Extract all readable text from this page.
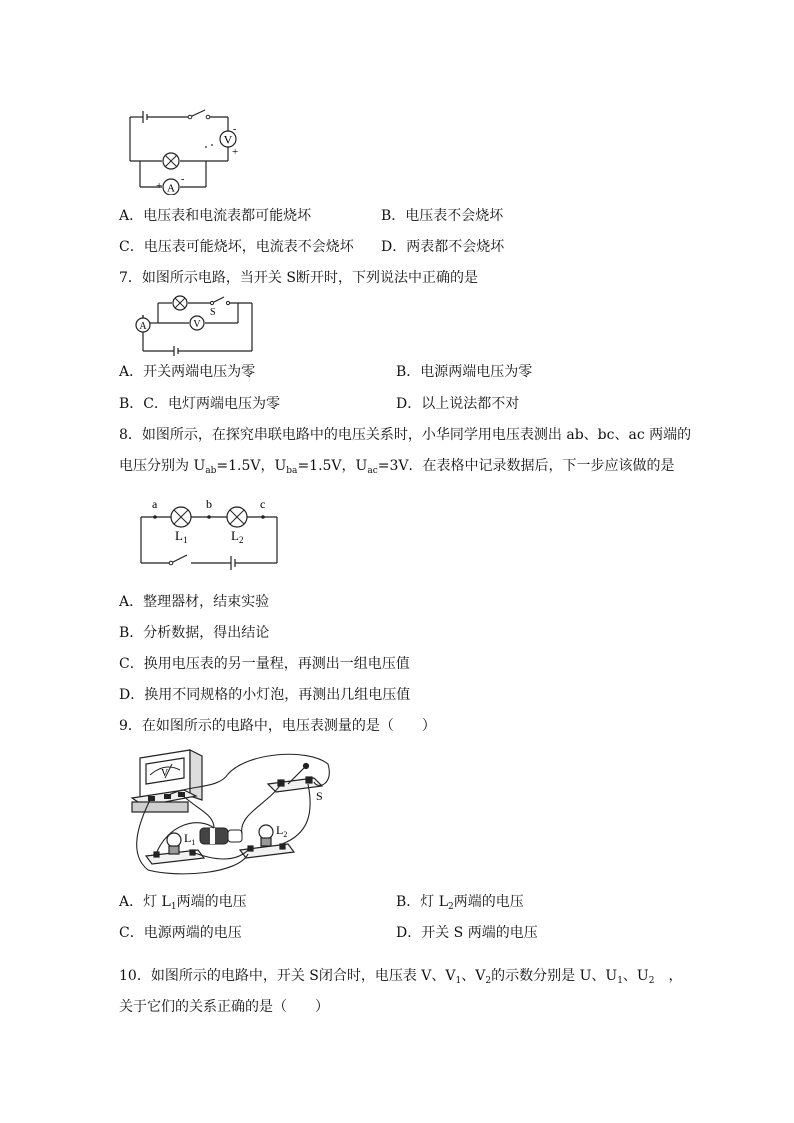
V
-
+
A
+
-
A．电压表和电流表都可能烧坏	B．电压表不会烧坏
C．电压表可能烧坏，电流表不会烧坏 D．两表都不会烧坏
7．如图所示电路，当开关 S断开时，下列说法中正确的是
A	V
S
A．开关两端电压为零	B．电源两端电压为零
B．C．电灯两端电压为零	D．以上说法都不对
8．如图所示，在探究串联电路中的电压关系时，小华同学用电压表测出 ab、bc、ac 两端的
电压分别为 $U_{ab}=1.5V$，$U_{ba}=1.5V$，$U_{ac}=3V$．在表格中记录数据后，下一步应该做的是
a	b	c
$L_1$	$L_2$
A．整理器材，结束实验
B．分析数据，得出结论
C．换用电压表的另一量程，再测出一组电压值
D．换用不同规格的小灯泡，再测出几组电压值
9．在如图所示的电路中，电压表测量的是（　　）
V
S
$L_1$
$L_2$
A．灯 $L_1$两端的电压	B．灯 $L_2$两端的电压
C．电源两端的电压	D．开关 S 两端的电压
10．如图所示的电路中，开关 S闭合时，电压表 V、$V_1$、$V_2$的示数分别是 U、$U_1$、$U_2$　，
关于它们的关系正确的是（　　）
